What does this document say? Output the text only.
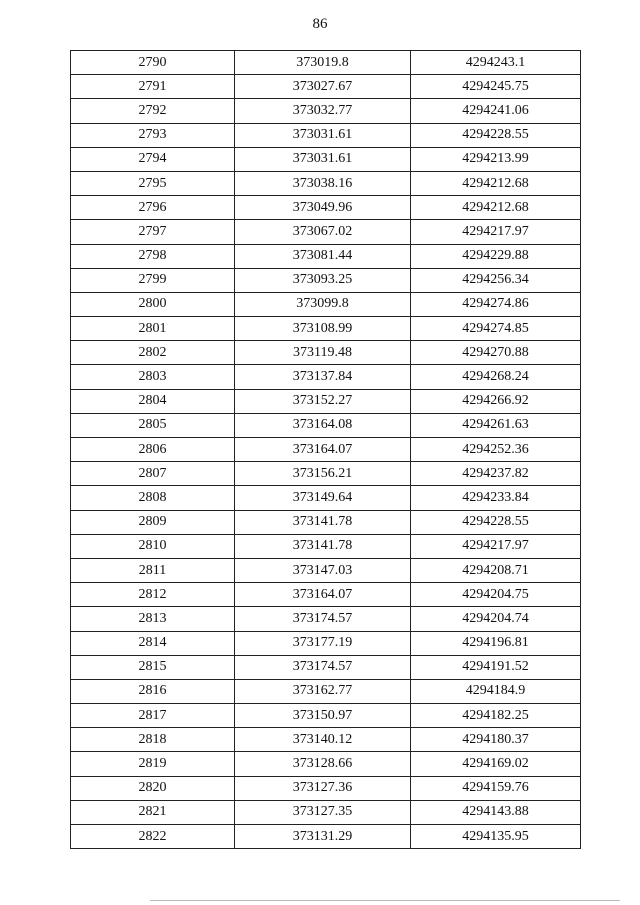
86
2790	373019.8	4294243.1
2791	373027.67	4294245.75
2792	373032.77	4294241.06
2793	373031.61	4294228.55
2794	373031.61	4294213.99
2795	373038.16	4294212.68
2796	373049.96	4294212.68
2797	373067.02	4294217.97
2798	373081.44	4294229.88
2799	373093.25	4294256.34
2800	373099.8	4294274.86
2801	373108.99	4294274.85
2802	373119.48	4294270.88
2803	373137.84	4294268.24
2804	373152.27	4294266.92
2805	373164.08	4294261.63
2806	373164.07	4294252.36
2807	373156.21	4294237.82
2808	373149.64	4294233.84
2809	373141.78	4294228.55
2810	373141.78	4294217.97
2811	373147.03	4294208.71
2812	373164.07	4294204.75
2813	373174.57	4294204.74
2814	373177.19	4294196.81
2815	373174.57	4294191.52
2816	373162.77	4294184.9
2817	373150.97	4294182.25
2818	373140.12	4294180.37
2819	373128.66	4294169.02
2820	373127.36	4294159.76
2821	373127.35	4294143.88
2822	373131.29	4294135.95
